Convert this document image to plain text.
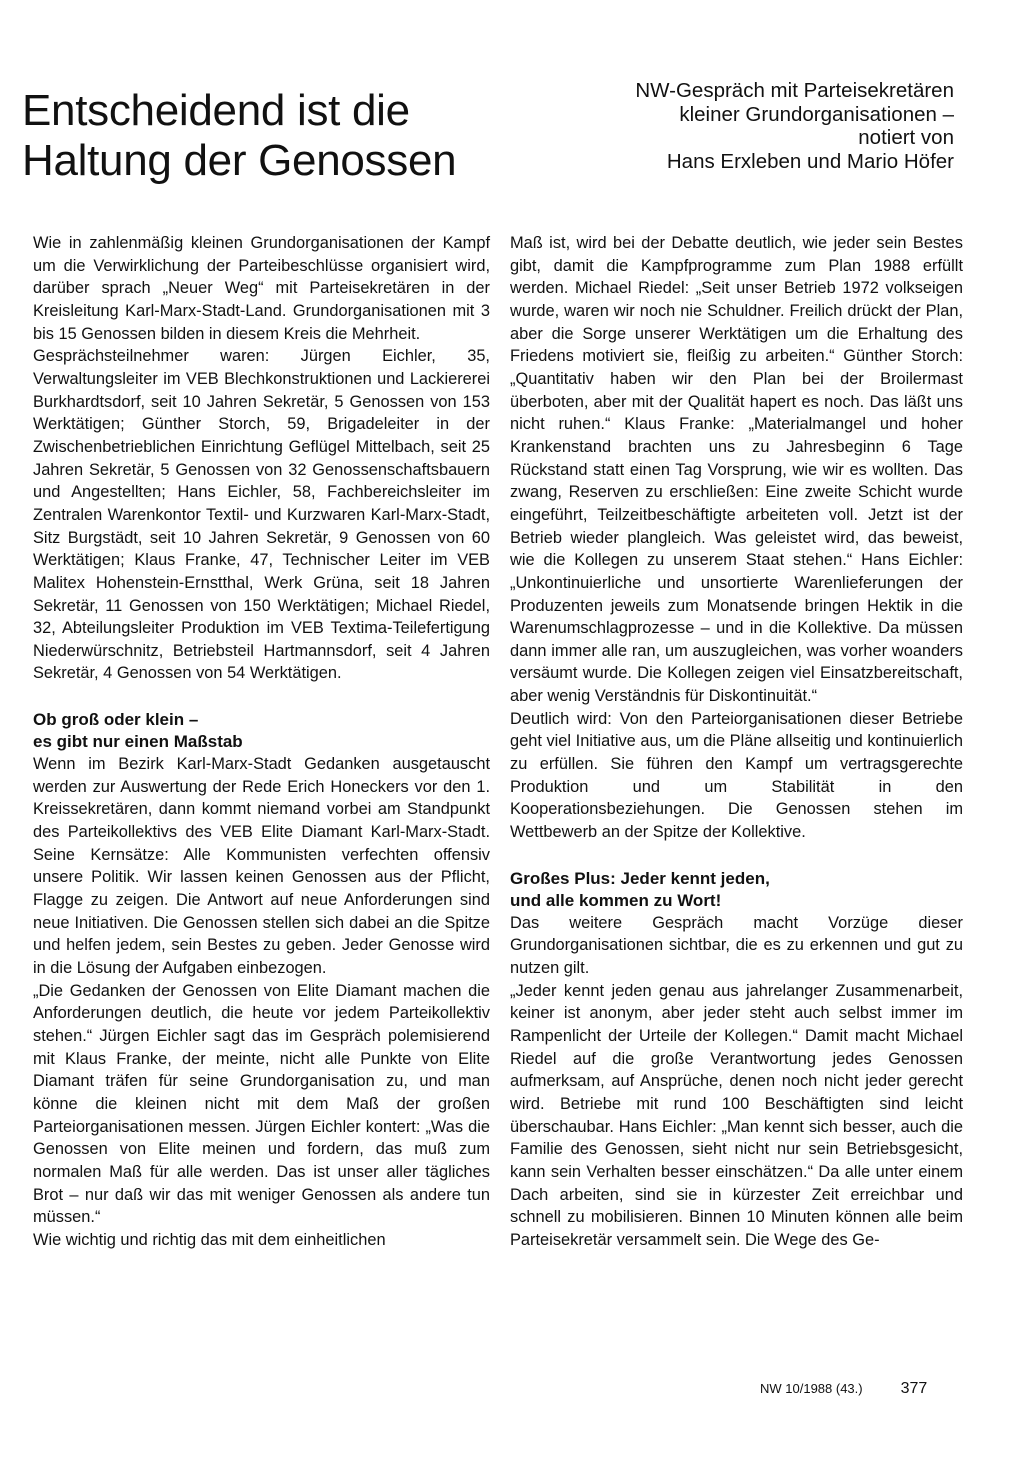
Entscheidend ist die
Haltung der Genossen
NW-Gespräch mit Parteisekretären
kleiner Grundorganisationen –
notiert von
Hans Erxleben und Mario Höfer

Wie in zahlenmäßig kleinen Grundorganisationen der Kampf um die Verwirklichung der Parteibeschlüsse organisiert wird, darüber sprach „Neuer Weg“ mit Parteisekretären in der Kreisleitung Karl-Marx-Stadt-Land. Grundorganisationen mit 3 bis 15 Genossen bilden in diesem Kreis die Mehrheit.

Gesprächsteilnehmer waren: Jürgen Eichler, 35, Verwaltungsleiter im VEB Blechkonstruktionen und Lackiererei Burkhardtsdorf, seit 10 Jahren Sekretär, 5 Genossen von 153 Werktätigen; Günther Storch, 59, Brigadeleiter in der Zwischenbetrieblichen Einrichtung Geflügel Mittelbach, seit 25 Jahren Sekretär, 5 Genossen von 32 Genossenschaftsbauern und Angestellten; Hans Eichler, 58, Fachbereichsleiter im Zentralen Warenkontor Textil- und Kurzwaren Karl-Marx-Stadt, Sitz Burgstädt, seit 10 Jahren Sekretär, 9 Genossen von 60 Werktätigen; Klaus Franke, 47, Technischer Leiter im VEB Malitex Hohenstein-Ernstthal, Werk Grüna, seit 18 Jahren Sekretär, 11 Genossen von 150 Werktätigen; Michael Riedel, 32, Abteilungsleiter Produktion im VEB Textima-Teilefertigung Niederwürschnitz, Betriebsteil Hartmannsdorf, seit 4 Jahren Sekretär, 4 Genossen von 54 Werktätigen.

Ob groß oder klein –
es gibt nur einen Maßstab

Wenn im Bezirk Karl-Marx-Stadt Gedanken ausgetauscht werden zur Auswertung der Rede Erich Honeckers vor den 1. Kreissekretären, dann kommt niemand vorbei am Standpunkt des Parteikollektivs des VEB Elite Diamant Karl-Marx-Stadt. Seine Kernsätze: Alle Kommunisten verfechten offensiv unsere Politik. Wir lassen keinen Genossen aus der Pflicht, Flagge zu zeigen. Die Antwort auf neue Anforderungen sind neue Initiativen. Die Genossen stellen sich dabei an die Spitze und helfen jedem, sein Bestes zu geben. Jeder Genosse wird in die Lösung der Aufgaben einbezogen.

„Die Gedanken der Genossen von Elite Diamant machen die Anforderungen deutlich, die heute vor jedem Parteikollektiv stehen.“ Jürgen Eichler sagt das im Gespräch polemisierend mit Klaus Franke, der meinte, nicht alle Punkte von Elite Diamant träfen für seine Grundorganisation zu, und man könne die kleinen nicht mit dem Maß der großen Parteiorganisationen messen. Jürgen Eichler kontert: „Was die Genossen von Elite meinen und fordern, das muß zum normalen Maß für alle werden. Das ist unser aller tägliches Brot – nur daß wir das mit weniger Genossen als andere tun müssen.“

Wie wichtig und richtig das mit dem einheitlichen

Maß ist, wird bei der Debatte deutlich, wie jeder sein Bestes gibt, damit die Kampfprogramme zum Plan 1988 erfüllt werden. Michael Riedel: „Seit unser Betrieb 1972 volkseigen wurde, waren wir noch nie Schuldner. Freilich drückt der Plan, aber die Sorge unserer Werktätigen um die Erhaltung des Friedens motiviert sie, fleißig zu arbeiten.“ Günther Storch: „Quantitativ haben wir den Plan bei der Broilermast überboten, aber mit der Qualität hapert es noch. Das läßt uns nicht ruhen.“ Klaus Franke: „Materialmangel und hoher Krankenstand brachten uns zu Jahresbeginn 6 Tage Rückstand statt einen Tag Vorsprung, wie wir es wollten. Das zwang, Reserven zu erschließen: Eine zweite Schicht wurde eingeführt, Teilzeitbeschäftigte arbeiteten voll. Jetzt ist der Betrieb wieder plangleich. Was geleistet wird, das beweist, wie die Kollegen zu unserem Staat stehen.“ Hans Eichler: „Unkontinuierliche und unsortierte Warenlieferungen der Produzenten jeweils zum Monatsende bringen Hektik in die Warenumschlagprozesse – und in die Kollektive. Da müssen dann immer alle ran, um auszugleichen, was vorher woanders versäumt wurde. Die Kollegen zeigen viel Einsatzbereitschaft, aber wenig Verständnis für Diskontinuität.“

Deutlich wird: Von den Parteiorganisationen dieser Betriebe geht viel Initiative aus, um die Pläne allseitig und kontinuierlich zu erfüllen. Sie führen den Kampf um vertragsgerechte Produktion und um Stabilität in den Kooperationsbeziehungen. Die Genossen stehen im Wettbewerb an der Spitze der Kollektive.

Großes Plus: Jeder kennt jeden,
und alle kommen zu Wort!

Das weitere Gespräch macht Vorzüge dieser Grundorganisationen sichtbar, die es zu erkennen und gut zu nutzen gilt.

„Jeder kennt jeden genau aus jahrelanger Zusammenarbeit, keiner ist anonym, aber jeder steht auch selbst immer im Rampenlicht der Urteile der Kollegen.“ Damit macht Michael Riedel auf die große Verantwortung jedes Genossen aufmerksam, auf Ansprüche, denen noch nicht jeder gerecht wird. Betriebe mit rund 100 Beschäftigten sind leicht überschaubar. Hans Eichler: „Man kennt sich besser, auch die Familie des Genossen, sieht nicht nur sein Betriebsgesicht, kann sein Verhalten besser einschätzen.“ Da alle unter einem Dach arbeiten, sind sie in kürzester Zeit erreichbar und schnell zu mobilisieren. Binnen 10 Minuten können alle beim Parteisekretär versammelt sein. Die Wege des Ge-

NW 10/1988 (43.) 377
